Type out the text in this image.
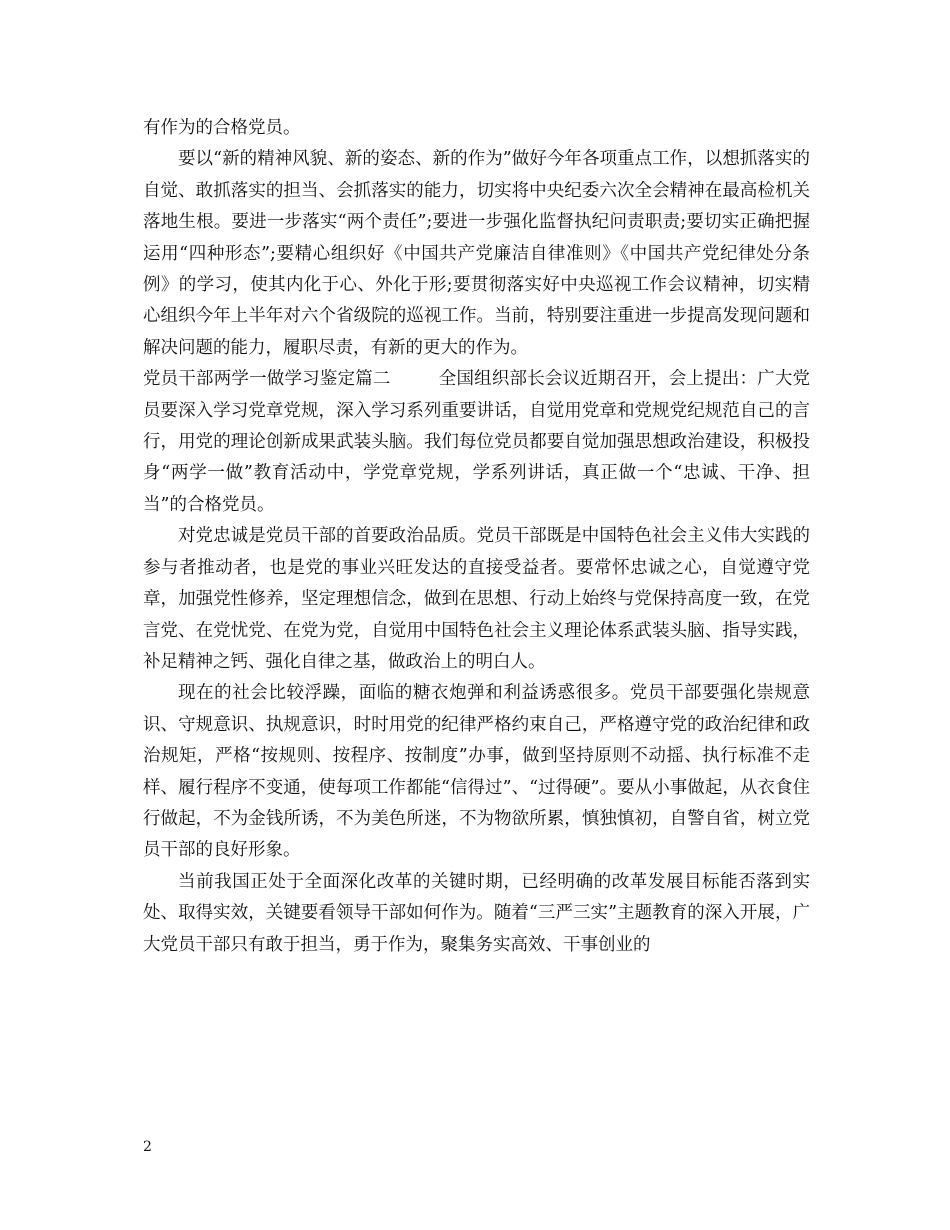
有作为的合格党员。

要以“新的精神风貌、新的姿态、新的作为”做好今年各项重点工作，以想抓落实的自觉、敢抓落实的担当、会抓落实的能力，切实将中央纪委六次全会精神在最高检机关落地生根。要进一步落实“两个责任”;要进一步强化监督执纪问责职责;要切实正确把握运用“四种形态”;要精心组织好《中国共产党廉洁自律准则》《中国共产党纪律处分条例》的学习，使其内化于心、外化于形;要贯彻落实好中央巡视工作会议精神，切实精心组织今年上半年对六个省级院的巡视工作。当前，特别要注重进一步提高发现问题和解决问题的能力，履职尽责，有新的更大的作为。

党员干部两学一做学习鉴定篇二	全国组织部长会议近期召开，会上提出：广大党员要深入学习党章党规，深入学习系列重要讲话，自觉用党章和党规党纪规范自己的言行，用党的理论创新成果武装头脑。我们每位党员都要自觉加强思想政治建设，积极投身“两学一做”教育活动中，学党章党规，学系列讲话，真正做一个“忠诚、干净、担当”的合格党员。

对党忠诚是党员干部的首要政治品质。党员干部既是中国特色社会主义伟大实践的参与者推动者，也是党的事业兴旺发达的直接受益者。要常怀忠诚之心，自觉遵守党章，加强党性修养，坚定理想信念，做到在思想、行动上始终与党保持高度一致，在党言党、在党忧党、在党为党，自觉用中国特色社会主义理论体系武装头脑、指导实践，补足精神之钙、强化自律之基，做政治上的明白人。

现在的社会比较浮躁，面临的糖衣炮弹和利益诱惑很多。党员干部要强化崇规意识、守规意识、执规意识，时时用党的纪律严格约束自己，严格遵守党的政治纪律和政治规矩，严格“按规则、按程序、按制度”办事，做到坚持原则不动摇、执行标准不走样、履行程序不变通，使每项工作都能“信得过”、“过得硬”。要从小事做起，从衣食住行做起，不为金钱所诱，不为美色所迷，不为物欲所累，慎独慎初，自警自省，树立党员干部的良好形象。

当前我国正处于全面深化改革的关键时期，已经明确的改革发展目标能否落到实处、取得实效，关键要看领导干部如何作为。随着“三严三实”主题教育的深入开展，广大党员干部只有敢于担当，勇于作为，聚集务实高效、干事创业的

2
